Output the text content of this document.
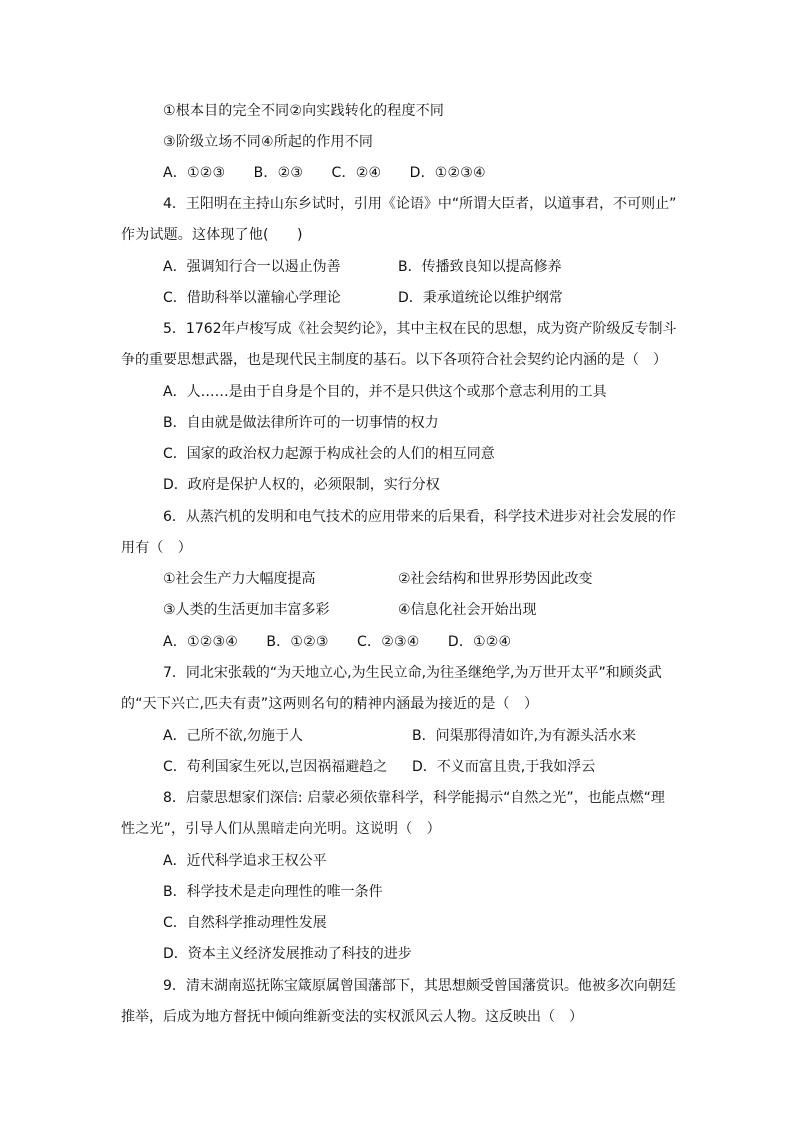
①根本目的完全不同②向实践转化的程度不同
③阶级立场不同④所起的作用不同
A．①②③　　B．②③　　C．②④　　D．①②③④
4．王阳明在主持山东乡试时，引用《论语》中“所谓大臣者，以道事君，不可则止”
作为试题。这体现了他(　　)
A．强调知行合一以遏止伪善	B．传播致良知以提高修养
C．借助科举以灌输心学理论	D．秉承道统论以维护纲常
5．1762年卢梭写成《社会契约论》，其中主权在民的思想，成为资产阶级反专制斗
争的重要思想武器，也是现代民主制度的基石。以下各项符合社会契约论内涵的是（　）
A．人……是由于自身是个目的，并不是只供这个或那个意志利用的工具
B．自由就是做法律所许可的一切事情的权力
C．国家的政治权力起源于构成社会的人们的相互同意
D．政府是保护人权的，必须限制，实行分权
6．从蒸汽机的发明和电气技术的应用带来的后果看，科学技术进步对社会发展的作
用有（　）
①社会生产力大幅度提高	②社会结构和世界形势因此改变
③人类的生活更加丰富多彩	④信息化社会开始出现
A．①②③④　　B．①②③　　C．②③④　　D．①②④
7．同北宋张载的“为天地立心,为生民立命,为往圣继绝学,为万世开太平”和顾炎武
的“天下兴亡,匹夫有责”这两则名句的精神内涵最为接近的是（　）
A．己所不欲,勿施于人	B．问渠那得清如许,为有源头活水来
C．苟利国家生死以,岂因祸福避趋之 D．不义而富且贵,于我如浮云
8．启蒙思想家们深信: 启蒙必须依靠科学，科学能揭示“自然之光”，也能点燃“理
性之光”，引导人们从黑暗走向光明。这说明（　）
A．近代科学追求王权公平
B．科学技术是走向理性的唯一条件
C．自然科学推动理性发展
D．资本主义经济发展推动了科技的进步
9．清末湖南巡抚陈宝箴原属曾国藩部下，其思想颇受曾国藩赏识。他被多次向朝廷
推举，后成为地方督抚中倾向维新变法的实权派风云人物。这反映出（　）
